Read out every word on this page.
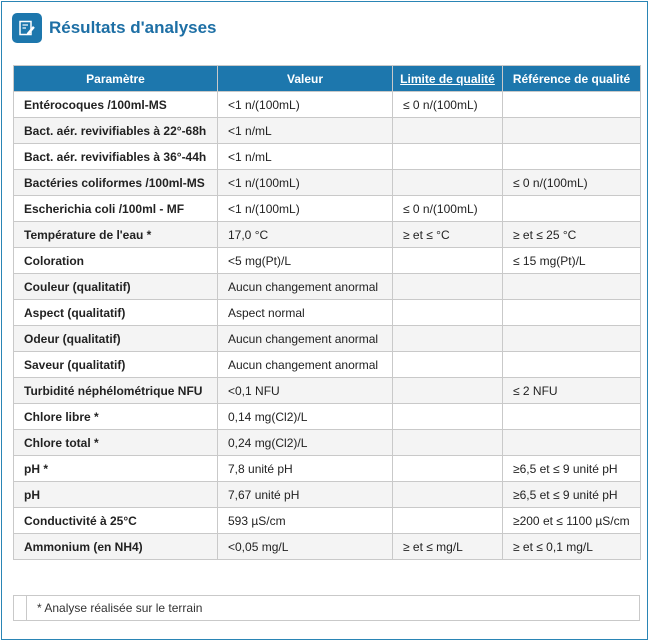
Résultats d'analyses
Paramètre	Valeur	Limite de qualité	Référence de qualité
Entérocoques /100ml-MS	<1 n/(100mL)	≤ 0 n/(100mL)	
Bact. aér. revivifiables à 22°-68h	<1 n/mL		
Bact. aér. revivifiables à 36°-44h	<1 n/mL		
Bactéries coliformes /100ml-MS	<1 n/(100mL)		≤ 0 n/(100mL)
Escherichia coli /100ml - MF	<1 n/(100mL)	≤ 0 n/(100mL)	
Température de l'eau *	17,0 °C	≥ et ≤ °C	≥ et ≤ 25 °C
Coloration	<5 mg(Pt)/L		≤ 15 mg(Pt)/L
Couleur (qualitatif)	Aucun changement anormal		
Aspect (qualitatif)	Aspect normal		
Odeur (qualitatif)	Aucun changement anormal		
Saveur (qualitatif)	Aucun changement anormal		
Turbidité néphélométrique NFU	<0,1 NFU		≤ 2 NFU
Chlore libre *	0,14 mg(Cl2)/L		
Chlore total *	0,24 mg(Cl2)/L		
pH *	7,8 unité pH		≥6,5 et ≤ 9 unité pH
pH	7,67 unité pH		≥6,5 et ≤ 9 unité pH
Conductivité à 25°C	593 µS/cm		≥200 et ≤ 1100 µS/cm
Ammonium (en NH4)	<0,05 mg/L	≥ et ≤ mg/L	≥ et ≤ 0,1 mg/L
* Analyse réalisée sur le terrain
